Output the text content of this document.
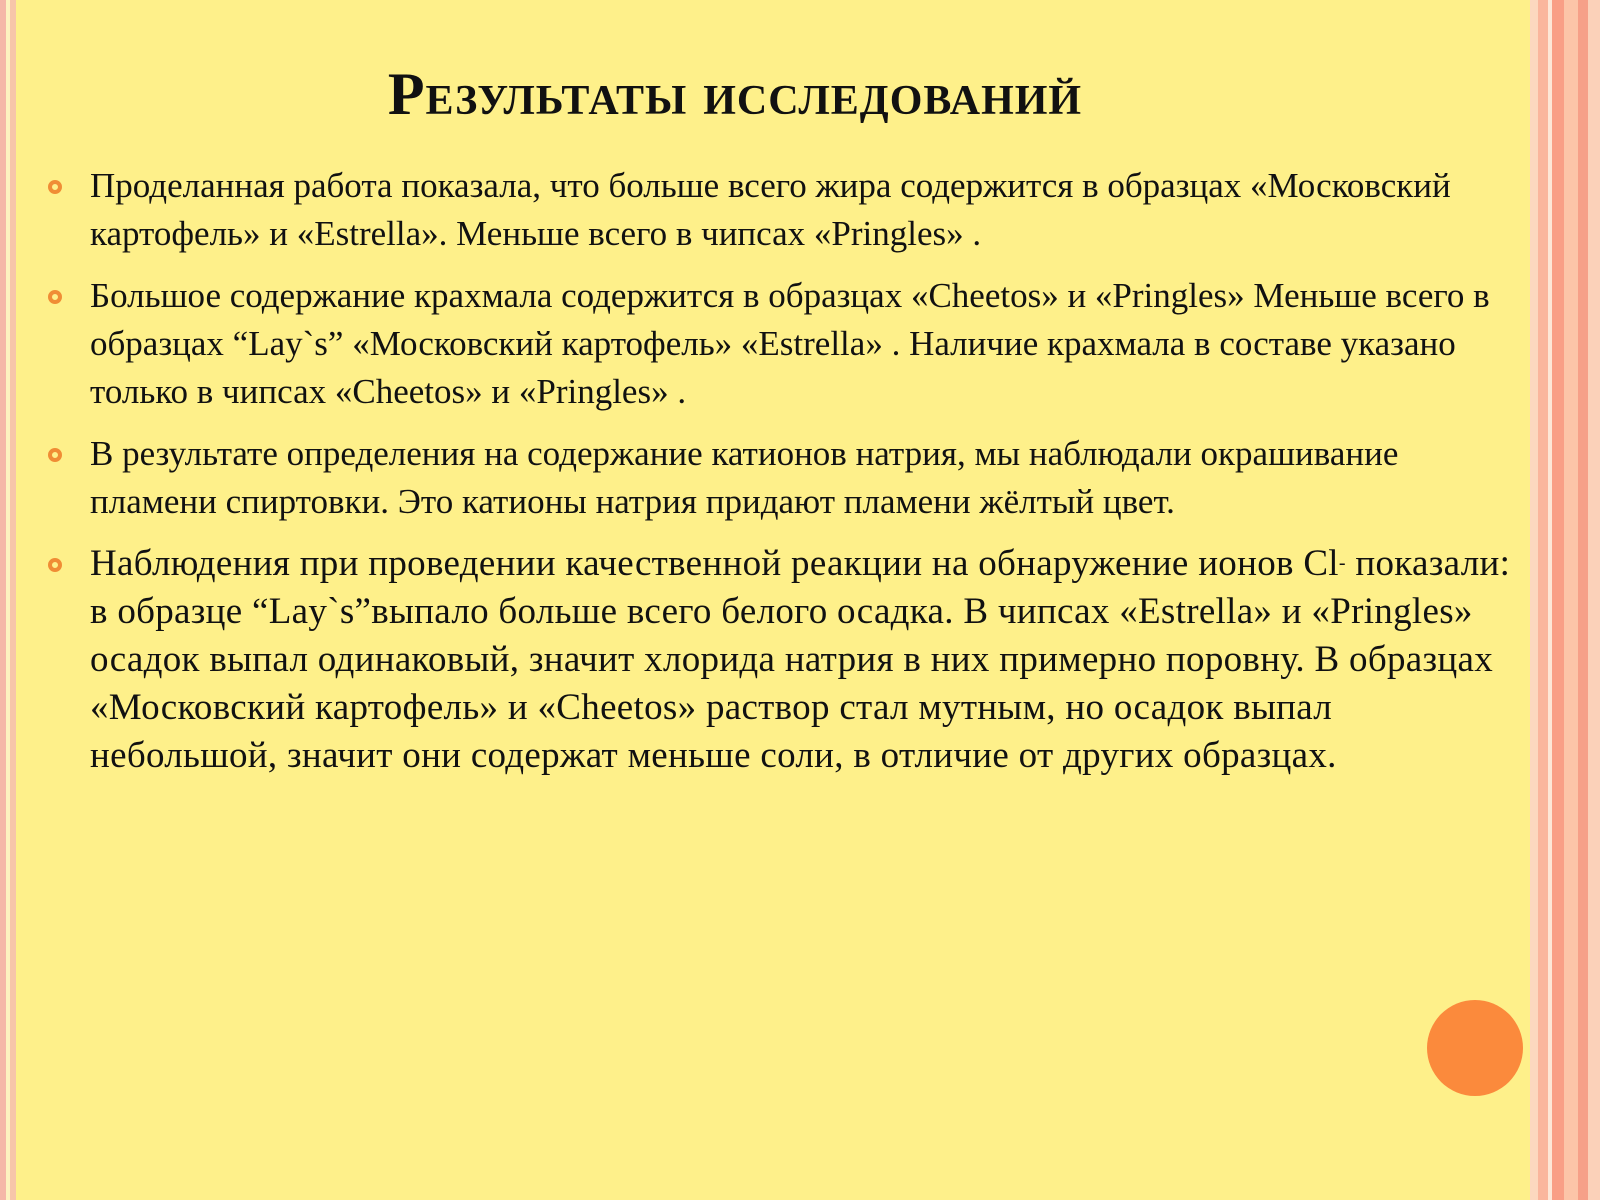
Результаты исследований
Проделанная работа показала, что больше всего жира содержится в образцах «Московский картофель» и «Estrella». Меньше всего в чипсах «Pringles» .
Большое содержание крахмала содержится в образцах «Cheetos» и «Pringles» Меньше всего в образцах “Lay`s” «Московский картофель» «Estrella» . Наличие крахмала в составе указано только в чипсах «Cheetos» и «Pringles» .
В результате определения на содержание катионов натрия, мы наблюдали окрашивание пламени спиртовки. Это катионы натрия придают пламени жёлтый цвет.
Наблюдения при проведении качественной реакции на обнаружение ионов Cl- показали: в образце “Lay`s”выпало больше всего белого осадка. В чипсах «Estrella» и «Pringles» осадок выпал одинаковый, значит хлорида натрия в них примерно поровну. В образцах «Московский картофель» и «Cheetos» раствор стал мутным, но осадок выпал небольшой, значит они содержат меньше соли, в отличие от других образцах.
